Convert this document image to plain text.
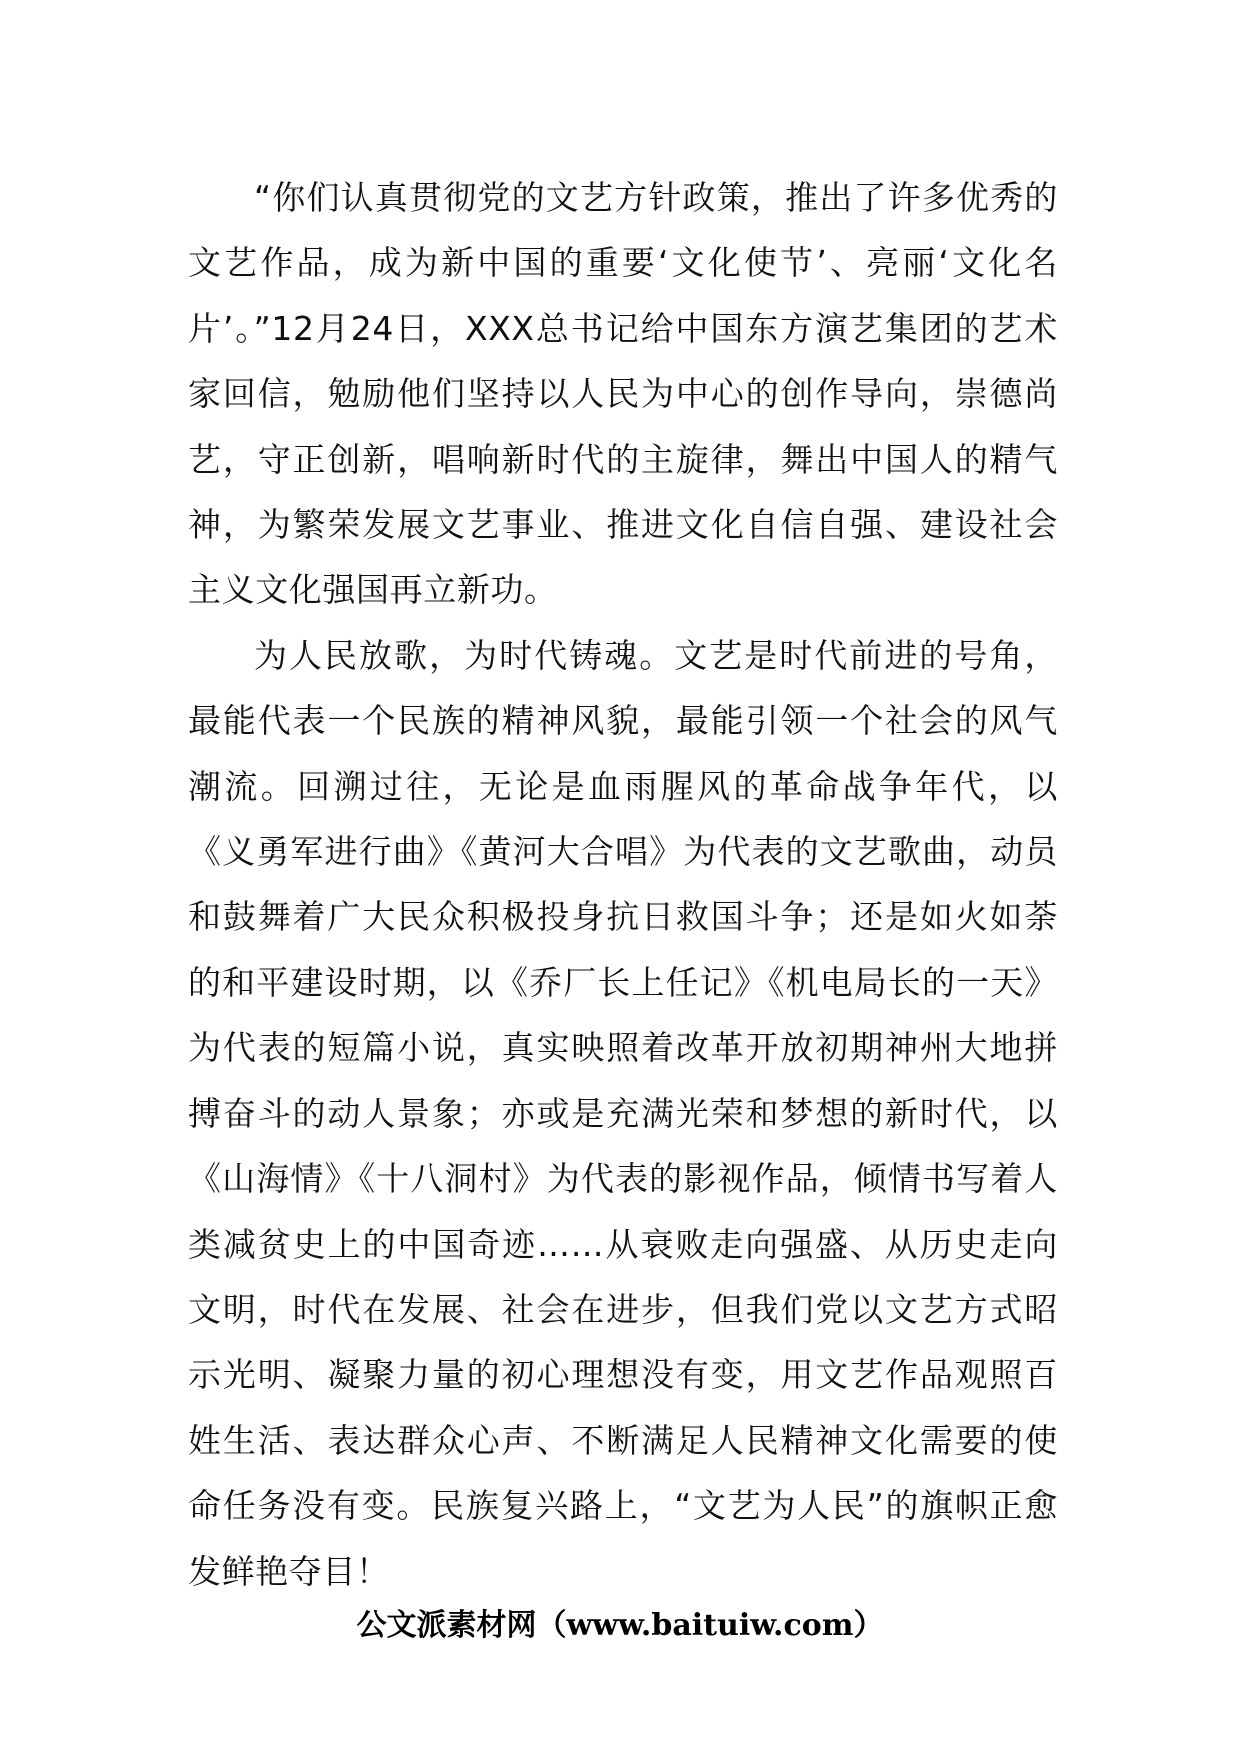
“你们认真贯彻党的文艺方针政策，推出了许多优秀的文艺作品，成为新中国的重要‘文化使节’、亮丽‘文化名片’。”12月24日，XXX总书记给中国东方演艺集团的艺术家回信，勉励他们坚持以人民为中心的创作导向，崇德尚艺，守正创新，唱响新时代的主旋律，舞出中国人的精气神，为繁荣发展文艺事业、推进文化自信自强、建设社会主义文化强国再立新功。

为人民放歌，为时代铸魂。文艺是时代前进的号角，最能代表一个民族的精神风貌，最能引领一个社会的风气潮流。回溯过往，无论是血雨腥风的革命战争年代，以《义勇军进行曲》《黄河大合唱》为代表的文艺歌曲，动员和鼓舞着广大民众积极投身抗日救国斗争；还是如火如荼的和平建设时期，以《乔厂长上任记》《机电局长的一天》为代表的短篇小说，真实映照着改革开放初期神州大地拼搏奋斗的动人景象；亦或是充满光荣和梦想的新时代，以《山海情》《十八洞村》为代表的影视作品，倾情书写着人类减贫史上的中国奇迹……从衰败走向强盛、从历史走向文明，时代在发展、社会在进步，但我们党以文艺方式昭示光明、凝聚力量的初心理想没有变，用文艺作品观照百姓生活、表达群众心声、不断满足人民精神文化需要的使命任务没有变。民族复兴路上，“文艺为人民”的旗帜正愈发鲜艳夺目！

公文派素材网（www.baituiw.com）
